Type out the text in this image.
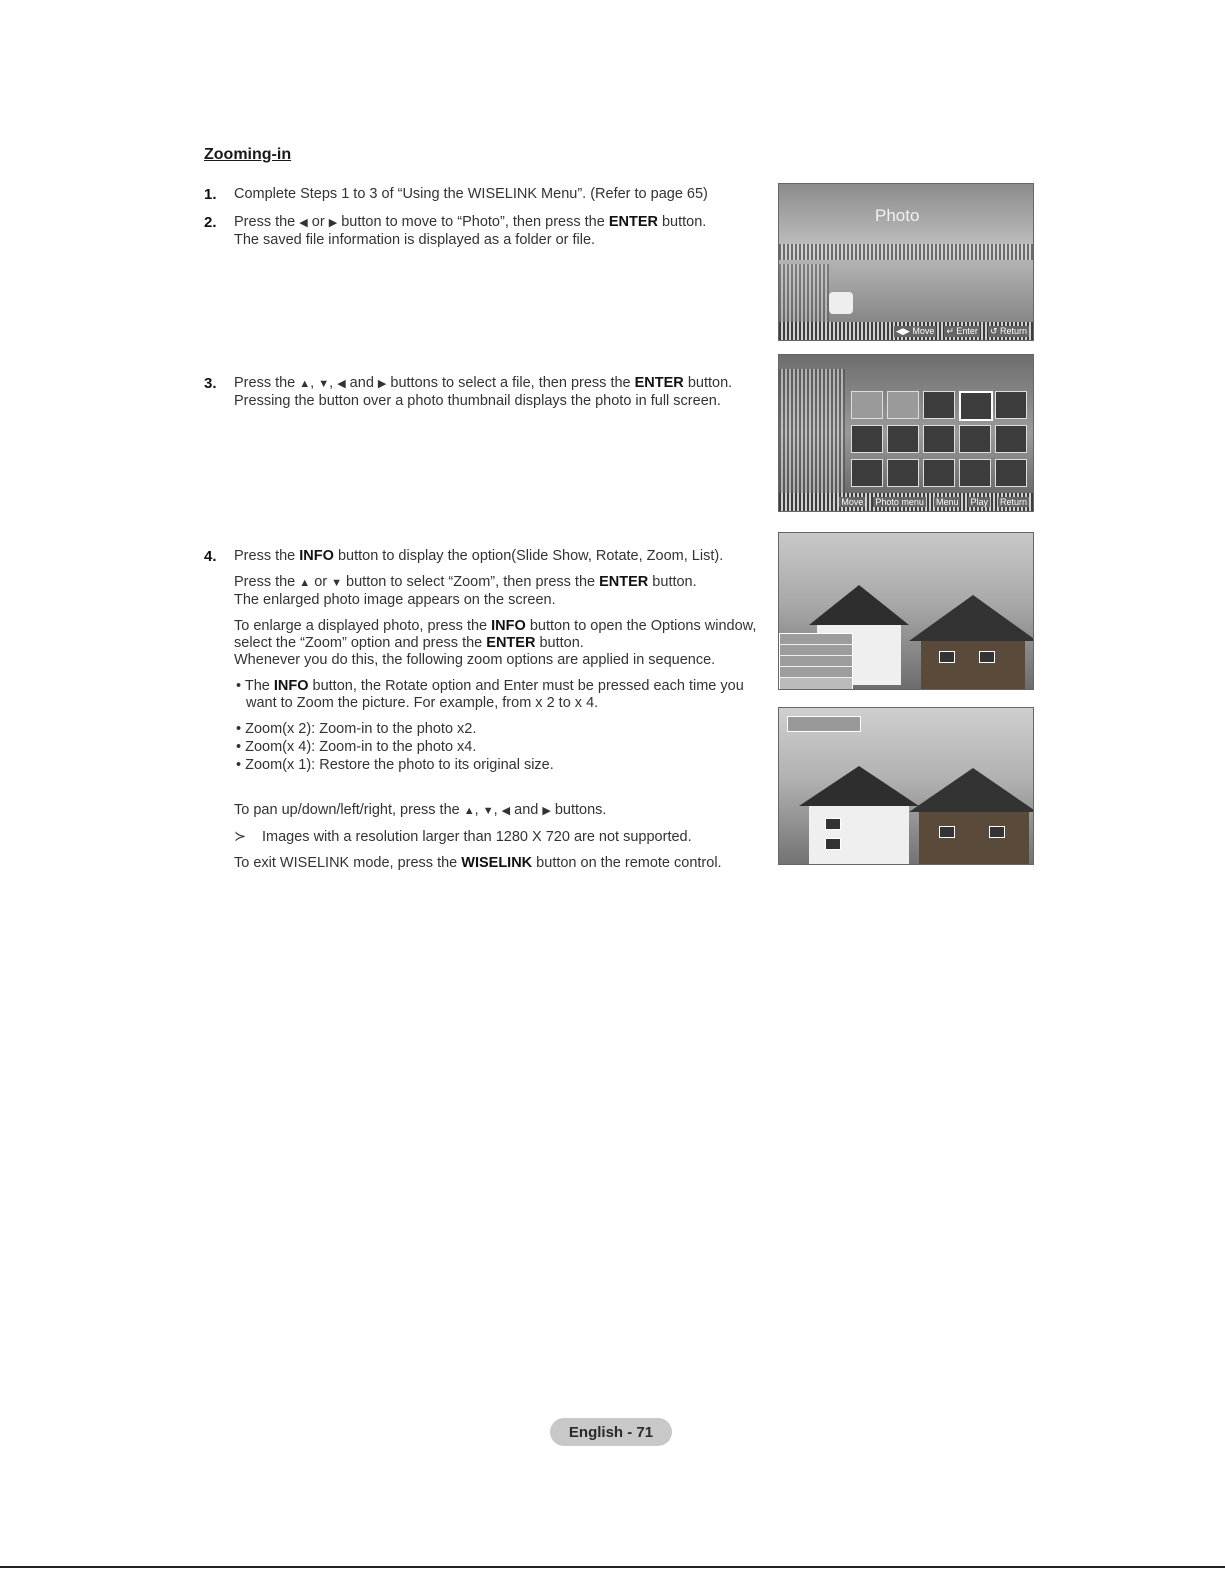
Zooming-in
1. Complete Steps 1 to 3 of “Using the WISELINK Menu”. (Refer to page 65)

2. Press the ◀ or ▶ button to move to “Photo”, then press the ENTER button.

The saved file information is displayed as a folder or file.

3. Press the ▲, ▼, ◀ and ▶ buttons to select a file, then press the ENTER button.

Pressing the button over a photo thumbnail displays the photo in full screen.

4. Press the INFO button to display the option(Slide Show, Rotate, Zoom, List).

Press the ▲ or ▼ button to select “Zoom”, then press the ENTER button.

The enlarged photo image appears on the screen.

To enlarge a displayed photo, press the INFO button to open the Options window,

select the “Zoom” option and press the ENTER button.

Whenever you do this, the following zoom options are applied in sequence.

• The INFO button, the Rotate option and Enter must be pressed each time you want to Zoom the picture. For example, from x 2 to x 4.
• Zoom(x 2): Zoom-in to the photo x2.
• Zoom(x 4): Zoom-in to the photo x4.
• Zoom(x 1): Restore the photo to its original size.

To pan up/down/left/right, press the ▲, ▼, ◀ and ▶ buttons.

≻ Images with a resolution larger than 1280 X 720 are not supported.

To exit WISELINK mode, press the WISELINK button on the remote control.

Photo
◀▶ Move ↵ Enter ↺ Return
Move Photo menu Menu Play Return
English - 71
